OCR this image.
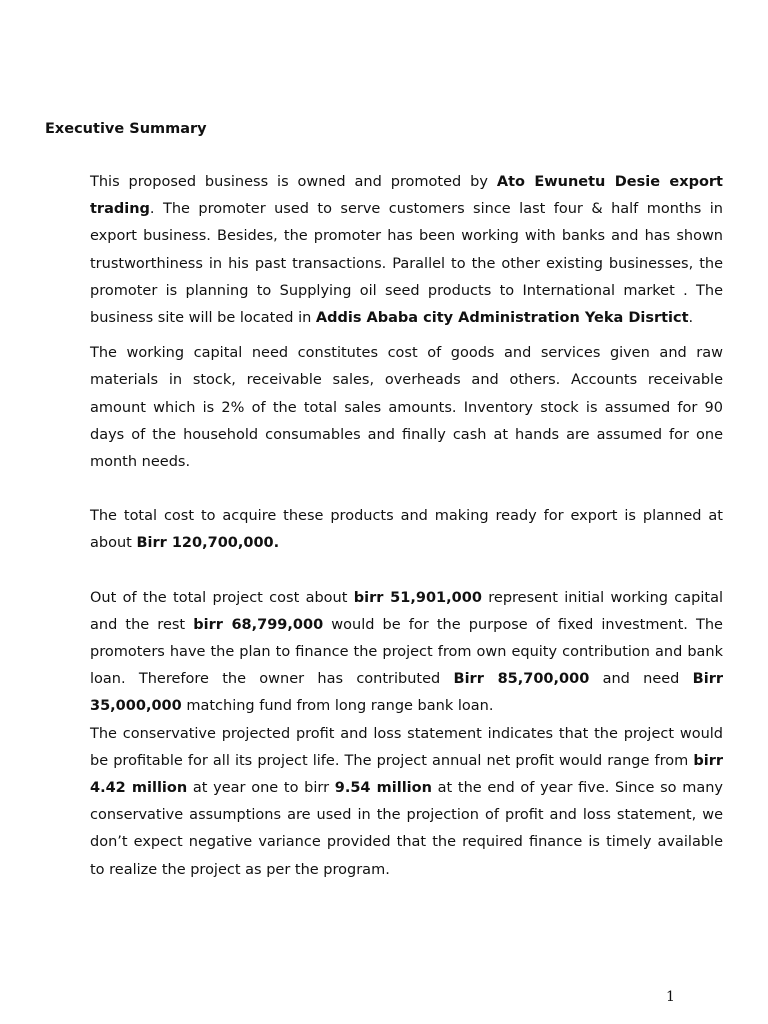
Executive Summary

This proposed business is owned and promoted by Ato Ewunetu Desie export trading. The promoter used to serve customers since last four & half months in export business. Besides, the promoter has been working with banks and has shown trustworthiness in his past transactions. Parallel to the other existing businesses, the promoter is planning to Supplying oil seed products to International market . The business site will be located in Addis Ababa city Administration Yeka Disrtict.

The working capital need constitutes cost of goods and services given and raw materials in stock, receivable sales, overheads and others. Accounts receivable amount which is 2% of the total sales amounts. Inventory stock is assumed for 90 days of the household consumables and finally cash at hands are assumed for one month needs.

The total cost to acquire these products and making ready for export is planned at about Birr 120,700,000.

Out of the total project cost about birr 51,901,000 represent initial working capital and the rest birr 68,799,000 would be for the purpose of fixed investment. The promoters have the plan to finance the project from own equity contribution and bank loan. Therefore the owner has contributed Birr 85,700,000 and need Birr 35,000,000 matching fund from long range bank loan.

The conservative projected profit and loss statement indicates that the project would be profitable for all its project life. The project annual net profit would range from birr 4.42 million at year one to birr 9.54 million at the end of year five. Since so many conservative assumptions are used in the projection of profit and loss statement, we don’t expect negative variance provided that the required finance is timely available to realize the project as per the program.

1
